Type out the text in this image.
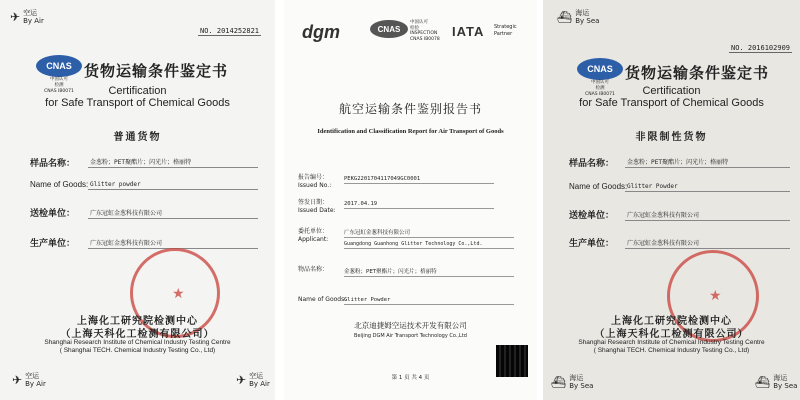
✈ 空运
By Air
NO. 2014252821
CNAS
中国认可
检测
CNAS IB0071
货物运输条件鉴定书
Certification
for Safe Transport of Chemical Goods
普通货物
样品名称：	金葱粉；PET聚酯片；闪光片；格丽特
Name of Goods: Glitter powder
送检单位：	广东冠虹金葱科技有限公司
生产单位：	广东冠虹金葱科技有限公司
★
上海化工研究院检测中心
（上海天科化工检测有限公司）
Shanghai Research Institute of Chemical Industry Testing Centre
( Shanghai TECH. Chemical Industry Testing Co., Ltd)
✈ 空运
By Air	✈ 空运
By Air
dgm	CNAS
中国认可
检验
INSPECTION
CNAS IB0078 IATA Strategic
Partner
航空运输条件鉴别报告书
Identification and Classification Report for Air Transport of Goods
报告编号：
Issued No.:
PEKG2201704117049GC0001
签发日期：
Issued Date:
2017.04.19
委托单位：
Applicant:
广东冠虹金葱科技有限公司
Guangdong Guanhong Glitter Technology Co.,Ltd.
物品名称：	金葱粉；PET聚酯片；闪光片；格丽特
Name of Goods:
Glitter Powder
北京迪捷姆空运技术开发有限公司
Beijing DGM Air Transport Technology Co.,Ltd
第 1 页 共 4 页
⛴ 海运
By Sea
NO. 2016102909
CNAS
中国认可
检测
CNAS IB0071
货物运输条件鉴定书
Certification
for Safe Transport of Chemical Goods
非限制性货物
样品名称：	金葱粉；PET聚酯片；闪光片；格丽特
Name of Goods: Glitter Powder
送检单位：	广东冠虹金葱科技有限公司
生产单位：	广东冠虹金葱科技有限公司
★
上海化工研究院检测中心
（上海天科化工检测有限公司）
Shanghai Research Institute of Chemical Industry Testing Centre
( Shanghai TECH. Chemical Industry Testing Co., Ltd)
⛴ 海运
By Sea	⛴ 海运
By Sea
